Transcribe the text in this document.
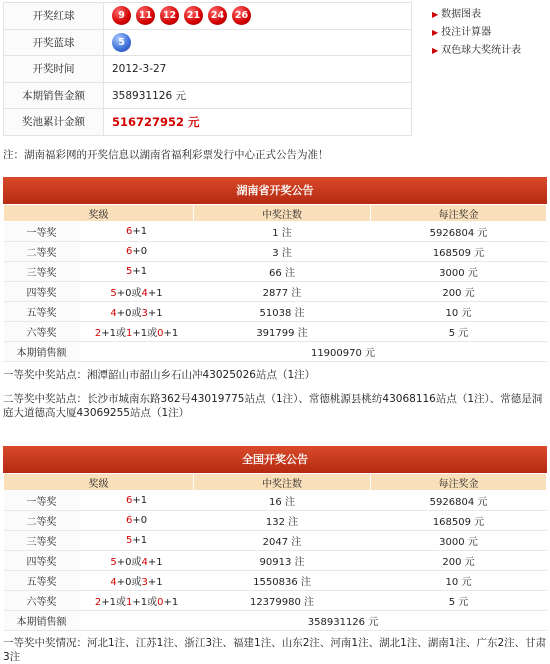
开奖红球	9 11 12 21 24 26
开奖蓝球	5
开奖时间	2012-3-27
本期销售金额	358931126 元
奖池累计金额	516727952 元
▶ 数据图表
▶ 投注计算器
▶ 双色球大奖统计表
注：湖南福彩网的开奖信息以湖南省福利彩票发行中心正式公告为准！
湖南省开奖公告
奖级		中奖注数	每注奖金
一等奖	6+1	1 注	5926804 元
二等奖	6+0	3 注	168509 元
三等奖	5+1	66 注	3000 元
四等奖	5+0或4+1	2877 注	200 元
五等奖	4+0或3+1	51038 注	10 元
六等奖	2+1或1+1或0+1	391799 注	5 元
本期销售额	11900970 元		
一等奖中奖站点：湘潭韶山市韶山乡石山冲43025026站点（1注）
二等奖中奖站点：长沙市城南东路362号43019775站点（1注）、常德桃源县桃纺43068116站点（1注）、常德是洞庭大道德高大厦43069255站点（1注）
全国开奖公告
奖级		中奖注数	每注奖金
一等奖	6+1	16 注	5926804 元
二等奖	6+0	132 注	168509 元
三等奖	5+1	2047 注	3000 元
四等奖	5+0或4+1	90913 注	200 元
五等奖	4+0或3+1	1550836 注	10 元
六等奖	2+1或1+1或0+1	12379980 注	5 元
本期销售额	358931126 元		
一等奖中奖情况：河北1注、江苏1注、浙江3注、福建1注、山东2注、河南1注、湖北1注、湖南1注、广东2注、甘肃3注
